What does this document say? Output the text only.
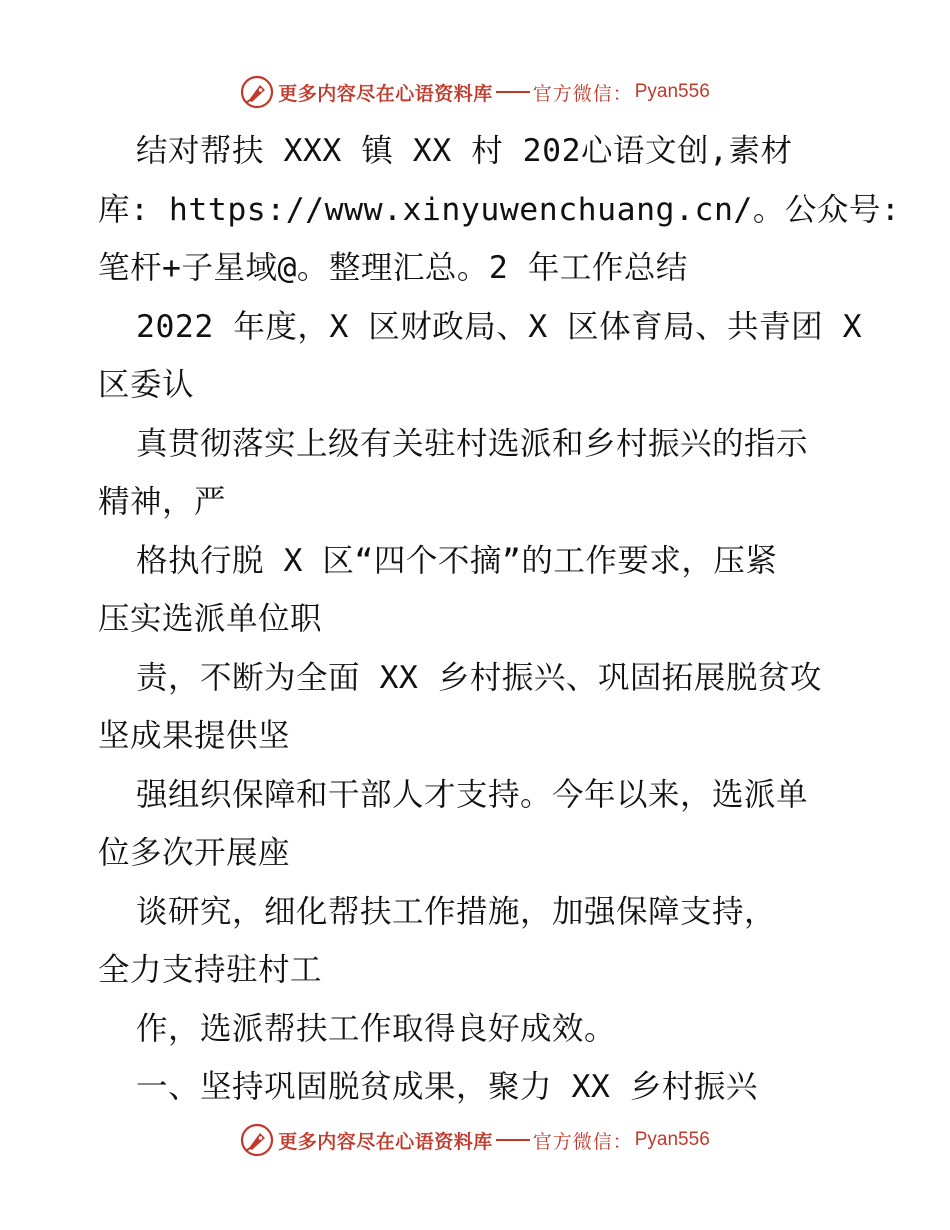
更多内容尽在心语资料库 官方微信： Pyan556
结对帮扶 XXX 镇 XX 村 202心语文创,素材
库: https://www.xinyuwenchuang.cn/。公众号:
笔杆+子星域@。整理汇总。2 年工作总结
2022 年度，X 区财政局、X 区体育局、共青团 X
区委认
真贯彻落实上级有关驻村选派和乡村振兴的指示
精神，严
格执行脱 X 区“四个不摘”的工作要求，压紧
压实选派单位职
责，不断为全面 XX 乡村振兴、巩固拓展脱贫攻
坚成果提供坚
强组织保障和干部人才支持。今年以来，选派单
位多次开展座
谈研究，细化帮扶工作措施，加强保障支持，
全力支持驻村工
作，选派帮扶工作取得良好成效。
一、坚持巩固脱贫成果，聚力 XX 乡村振兴
更多内容尽在心语资料库 官方微信： Pyan556
